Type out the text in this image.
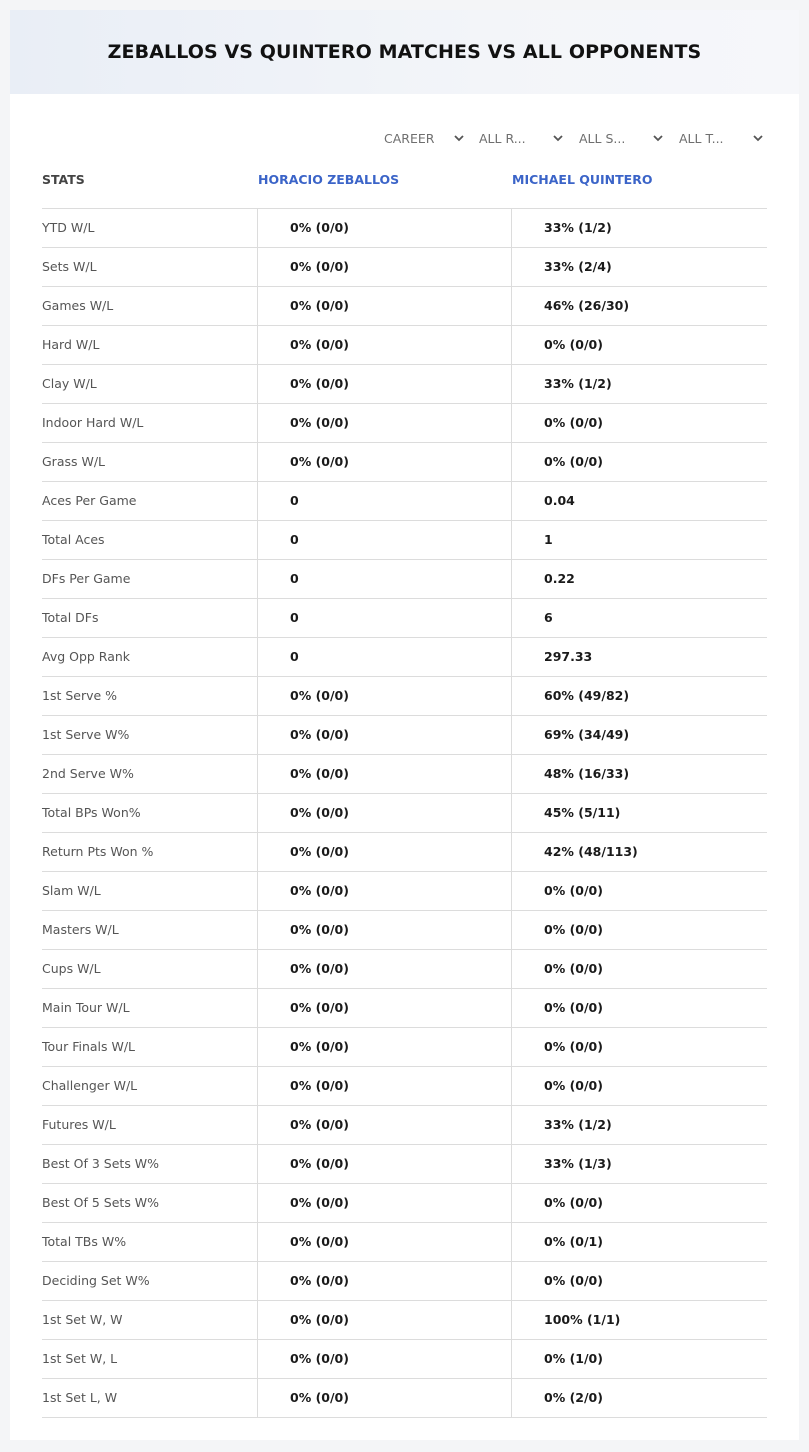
ZEBALLOS VS QUINTERO MATCHES VS ALL OPPONENTS
CAREER	ALL R...	ALL S...	ALL T...
STATS	HORACIO ZEBALLOS	MICHAEL QUINTERO
YTD W/L	0% (0/0)	33% (1/2)
Sets W/L	0% (0/0)	33% (2/4)
Games W/L	0% (0/0)	46% (26/30)
Hard W/L	0% (0/0)	0% (0/0)
Clay W/L	0% (0/0)	33% (1/2)
Indoor Hard W/L	0% (0/0)	0% (0/0)
Grass W/L	0% (0/0)	0% (0/0)
Aces Per Game	0	0.04
Total Aces	0	1
DFs Per Game	0	0.22
Total DFs	0	6
Avg Opp Rank	0	297.33
1st Serve %	0% (0/0)	60% (49/82)
1st Serve W%	0% (0/0)	69% (34/49)
2nd Serve W%	0% (0/0)	48% (16/33)
Total BPs Won%	0% (0/0)	45% (5/11)
Return Pts Won %	0% (0/0)	42% (48/113)
Slam W/L	0% (0/0)	0% (0/0)
Masters W/L	0% (0/0)	0% (0/0)
Cups W/L	0% (0/0)	0% (0/0)
Main Tour W/L	0% (0/0)	0% (0/0)
Tour Finals W/L	0% (0/0)	0% (0/0)
Challenger W/L	0% (0/0)	0% (0/0)
Futures W/L	0% (0/0)	33% (1/2)
Best Of 3 Sets W%	0% (0/0)	33% (1/3)
Best Of 5 Sets W%	0% (0/0)	0% (0/0)
Total TBs W%	0% (0/0)	0% (0/1)
Deciding Set W%	0% (0/0)	0% (0/0)
1st Set W, W	0% (0/0)	100% (1/1)
1st Set W, L	0% (0/0)	0% (1/0)
1st Set L, W	0% (0/0)	0% (2/0)
